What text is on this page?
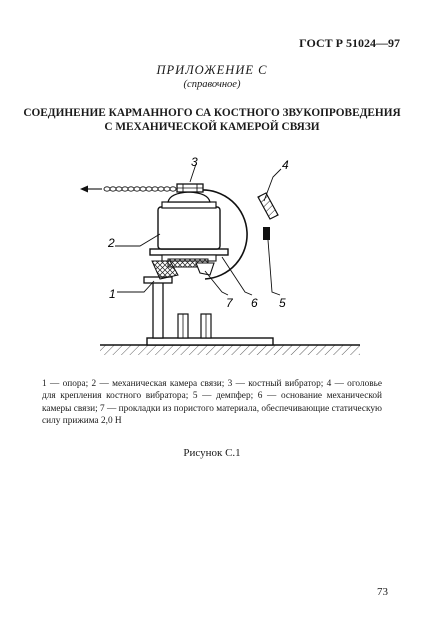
ГОСТ Р 51024—97
ПРИЛОЖЕНИЕ С
(справочное)
СОЕДИНЕНИЕ КАРМАННОГО СА КОСТНОГО ЗВУКОПРОВЕДЕНИЯ
С МЕХАНИЧЕСКОЙ КАМЕРОЙ СВЯЗИ
1
2
3	4
5
6
7
1 — опора; 2 — механическая камера связи; 3 — костный вибратор; 4 — оголовье для крепления костного вибратора; 5 — демпфер; 6 — основание механической камеры связи; 7 — прокладки из пористого материала, обеспечивающие статическую силу прижима 2,0 Н
Рисунок С.1
73
